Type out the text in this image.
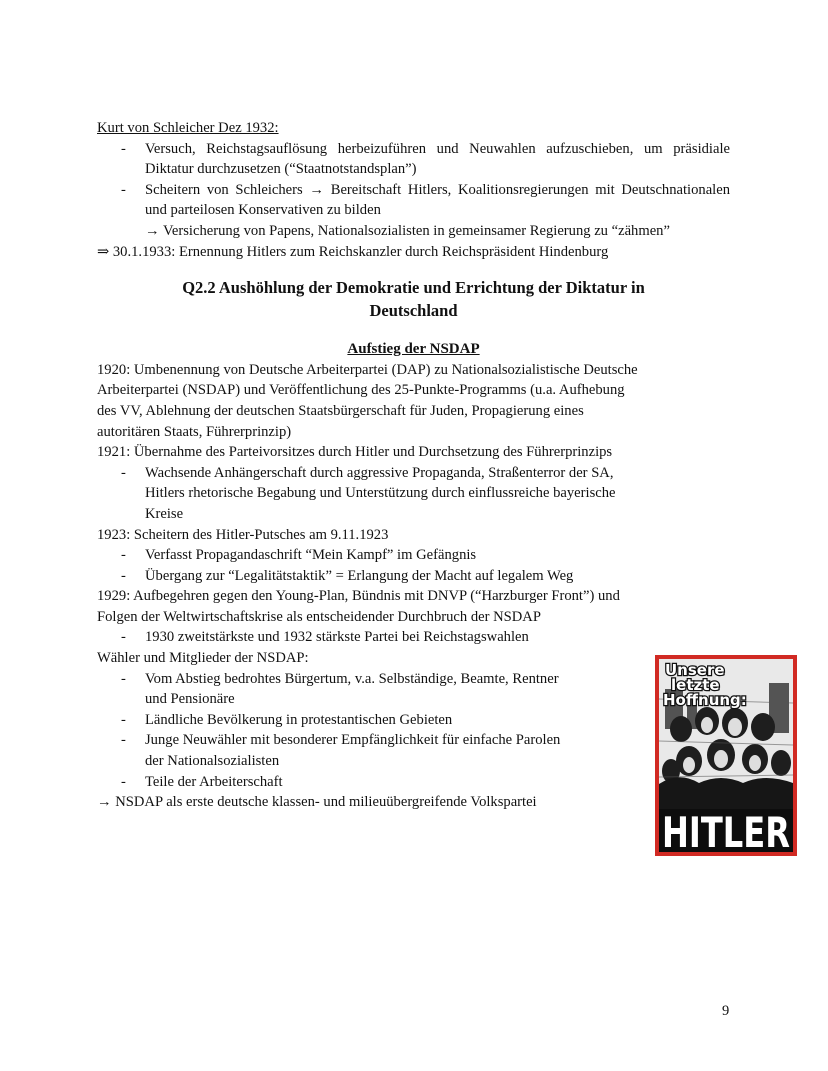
Kurt von Schleicher Dez 1932:
- Versuch, Reichstagsauflösung herbeizuführen und Neuwahlen aufzuschieben, um präsidiale Diktatur durchzusetzen (“Staatnotstandsplan”)
- Scheitern von Schleichers → Bereitschaft Hitlers, Koalitionsregierungen mit Deutschnationalen und parteilosen Konservativen zu bilden
→ Versicherung von Papens, Nationalsozialisten in gemeinsamer Regierung zu “zähmen”
⇒ 30.1.1933: Ernennung Hitlers zum Reichskanzler durch Reichspräsident Hindenburg
Q2.2 Aushöhlung der Demokratie und Errichtung der Diktatur in
Deutschland
Aufstieg der NSDAP
1920: Umbenennung von Deutsche Arbeiterpartei (DAP) zu Nationalsozialistische Deutsche
Arbeiterpartei (NSDAP) und Veröffentlichung des 25-Punkte-Programms (u.a. Aufhebung
des VV, Ablehnung der deutschen Staatsbürgerschaft für Juden, Propagierung eines
autoritären Staats, Führerprinzip)
1921: Übernahme des Parteivorsitzes durch Hitler und Durchsetzung des Führerprinzips
- Wachsende Anhängerschaft durch aggressive Propaganda, Straßenterror der SA,
Hitlers rhetorische Begabung und Unterstützung durch einflussreiche bayerische
Kreise
1923: Scheitern des Hitler-Putsches am 9.11.1923
- Verfasst Propagandaschrift “Mein Kampf” im Gefängnis
- Übergang zur “Legalitätstaktik” = Erlangung der Macht auf legalem Weg
1929: Aufbegehren gegen den Young-Plan, Bündnis mit DNVP (“Harzburger Front”) und
Folgen der Weltwirtschaftskrise als entscheidender Durchbruch der NSDAP
- 1930 zweitstärkste und 1932 stärkste Partei bei Reichstagswahlen
Wähler und Mitglieder der NSDAP:
- Vom Abstieg bedrohtes Bürgertum, v.a. Selbständige, Beamte, Rentner
und Pensionäre
- Ländliche Bevölkerung in protestantischen Gebieten
- Junge Neuwähler mit besonderer Empfänglichkeit für einfache Parolen
der Nationalsozialisten
- Teile der Arbeiterschaft
→ NSDAP als erste deutsche klassen- und milieuübergreifende Volkspartei
Unsere
letzte
Hoffnung:
HITLER
9
